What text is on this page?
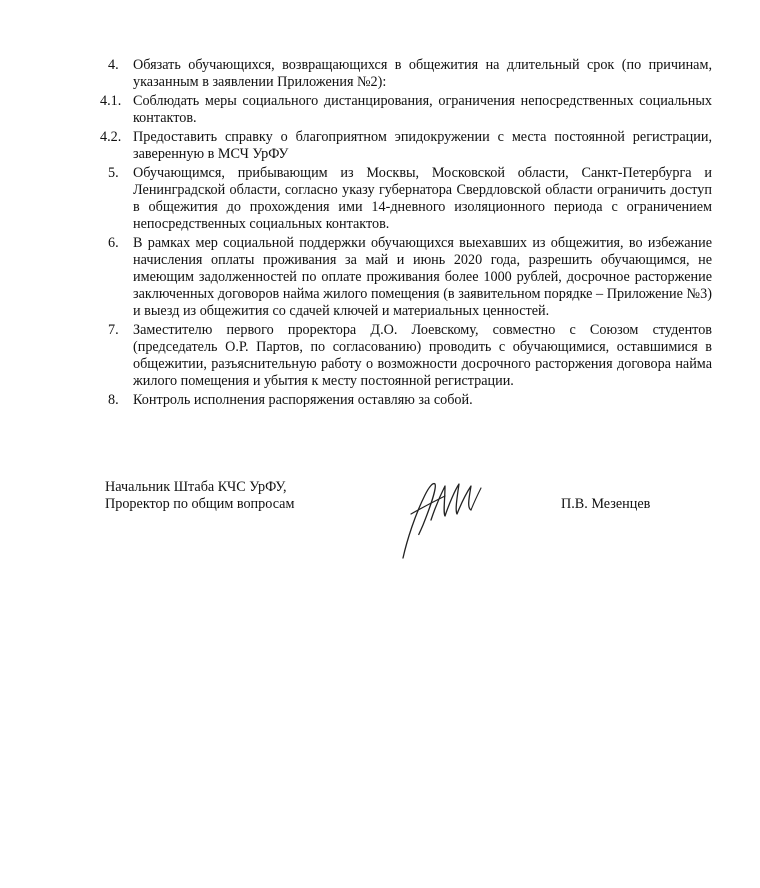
4.	Обязать обучающихся, возвращающихся в общежития на длительный срок (по причинам, указанным в заявлении Приложения №2):
4.1. Соблюдать меры социального дистанцирования, ограничения непосредственных социальных контактов.
4.2. Предоставить справку о благоприятном эпидокружении с места постоянной регистрации, заверенную в МСЧ УрФУ
5.	Обучающимся, прибывающим из Москвы, Московской области, Санкт-Петербурга и Ленинградской области, согласно указу губернатора Свердловской области ограничить доступ в общежития до прохождения ими 14-дневного изоляционного периода с ограничением непосредственных социальных контактов.
6.	В рамках мер социальной поддержки обучающихся выехавших из общежития, во избежание начисления оплаты проживания за май и июнь 2020 года, разрешить обучающимся, не имеющим задолженностей по оплате проживания более 1000 рублей, досрочное расторжение заключенных договоров найма жилого помещения (в заявительном порядке – Приложение №3) и выезд из общежития со сдачей ключей и материальных ценностей.
7.	Заместителю первого проректора Д.О. Лоевскому, совместно с Союзом студентов (председатель О.Р. Партов, по согласованию) проводить с обучающимися, оставшимися в общежитии, разъяснительную работу о возможности досрочного расторжения договора найма жилого помещения и убытия к месту постоянной регистрации.
8.	Контроль исполнения распоряжения оставляю за собой.
Начальник Штаба КЧС УрФУ,
Проректор по общим вопросам	П.В. Мезенцев
